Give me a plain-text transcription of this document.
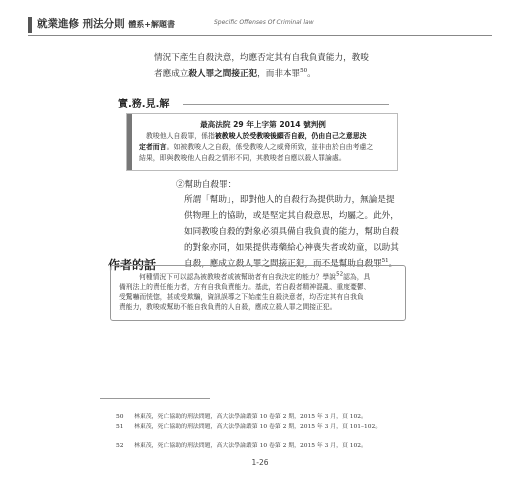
就業進修 刑法分則 體系+解題書	Specific Offenses Of Criminal law
情況下產生自殺決意，均應否定其有自我負責能力，教唆
者應成立殺人罪之間接正犯，而非本罪$^{50}$。
實.務.見.解
最高法院 29 年上字第 2014 號判例
教唆他人自殺罪，係指被教唆人於受教唆後願否自殺，仍由自己之意思決
定者而言。如被教唆人之自殺，係受教唆人之威脅所致，並非由於自由考慮之
結果，即與教唆他人自殺之情形不同，其教唆者自應以殺人罪論處。
②幫助自殺罪：
所謂「幫助」，即對他人的自殺行為提供助力，無論是提
供物理上的協助，或是堅定其自殺意思，均屬之。此外，
如同教唆自殺的對象必須具備自我負責的能力，幫助自殺
的對象亦同，如果提供毒藥給心神喪失者或幼童，以助其
自殺，應成立殺人罪之間接正犯，而不是幫助自殺罪$^{51}$。
作者的話
何種情況下可以認為被教唆者或被幫助者有自我決定的能力？學說$^{52}$認為，具
備刑法上的責任能力者，方有自我負責能力。基此，若自殺者精神混亂、重度憂鬱、
受驚嚇而恍惚，甚或受欺騙，資訊誤導之下始產生自殺決意者，均否定其有自我負
責能力，教唆或幫助不能自我負責的人自殺，應成立殺人罪之間接正犯。
50	林東茂，死亡協助的刑法問題，高大法學論叢第 10 卷第 2 期，2015 年 3 月，頁 102。
51	林東茂，死亡協助的刑法問題，高大法學論叢第 10 卷第 2 期，2015 年 3 月，頁 101–102。
52	林東茂，死亡協助的刑法問題，高大法學論叢第 10 卷第 2 期，2015 年 3 月，頁 102。
1-26
